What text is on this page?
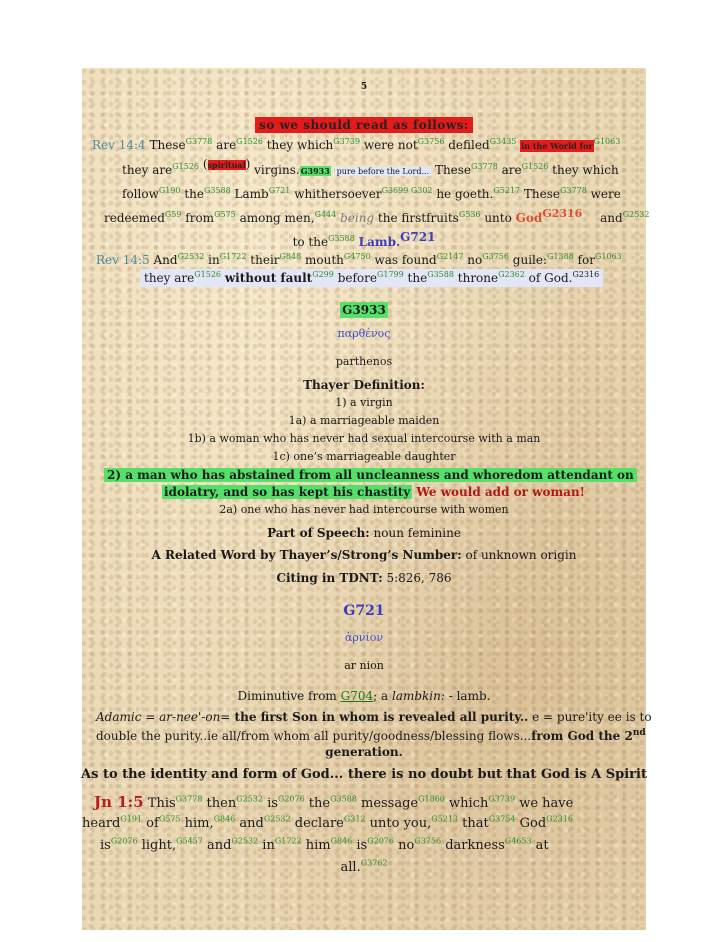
5
so we should read as follows:
Rev 14:4 These$^{G3778}$ are$^{G1526}$ they which$^{G3739}$ were not$^{G3756}$ defiled$^{G3435}$ in the World for$^{G1063}$
they are$^{G1526}$ (spiritual) virgins.G3933 pure before the Lord... These$^{G3778}$ are$^{G1526}$ they which
follow$^{G190}$ the$^{G3588}$ Lamb$^{G721}$ whithersoever$^{G3699 G302}$ he goeth.$^{G5217}$ These$^{G3778}$ were
redeemed$^{G59}$ from$^{G575}$ among men,$^{G444}$ being the firstfruits$^{G536}$ unto God$^{G2316}$ and$^{G2532}$
to the$^{G3588}$ Lamb.$^{G721}$
Rev 14:5 And$^{G2532}$ $in^{G1722}$ their$^{G848}$ mouth$^{G4750}$ was found$^{G2147}$ $no^{G3756}$ guile:$^{G1388}$ for$^{G1063}$
they are$^{G1526}$ without fault$^{G299}$ before$^{G1799}$ the$^{G3588}$ throne$^{G2362}$ of God.$^{G2316}$
G3933
παρθένος
parthenos
Thayer Definition:
1) a virgin
1a) a marriageable maiden
1b) a woman who has never had sexual intercourse with a man
1c) one’s marriageable daughter
2) a man who has abstained from all uncleanness and whoredom attendant on
idolatry, and so has kept his chastity We would add or woman!
2a) one who has never had intercourse with women
Part of Speech: noun feminine
A Related Word by Thayer’s/Strong’s Number: of unknown origin
Citing in TDNT: 5:826, 786
G721
ἀρνίον
ar nion
Diminutive from G704; a lambkin: - lamb.
Adamic = ar-nee'-on= the first Son in whom is revealed all purity.. e = pure'ity ee is to
double the purity..ie all/from whom all purity/goodness/blessing flows...from God the 2nd
generation.
As to the identity and form of God... there is no doubt but that God is A Spirit
Jn 1:5 This$^{G3778}$ then$^{G2532}$ $is^{G2076}$ the$^{G3588}$ message$^{G1860}$ which$^{G3739}$ we have
heard$^{G191}$ $of^{G575}$ him,$^{G846}$ and$^{G2532}$ declare$^{G312}$ unto you,$^{G5213}$ that$^{G3754}$ God$^{G2316}$
$is^{G2076}$ light,$^{G5457}$ and$^{G2532}$ $in^{G1722}$ him$^{G846}$ $is^{G2076}$ $no^{G3756}$ darkness$^{G4653}$ at
all.$^{G3762}$
